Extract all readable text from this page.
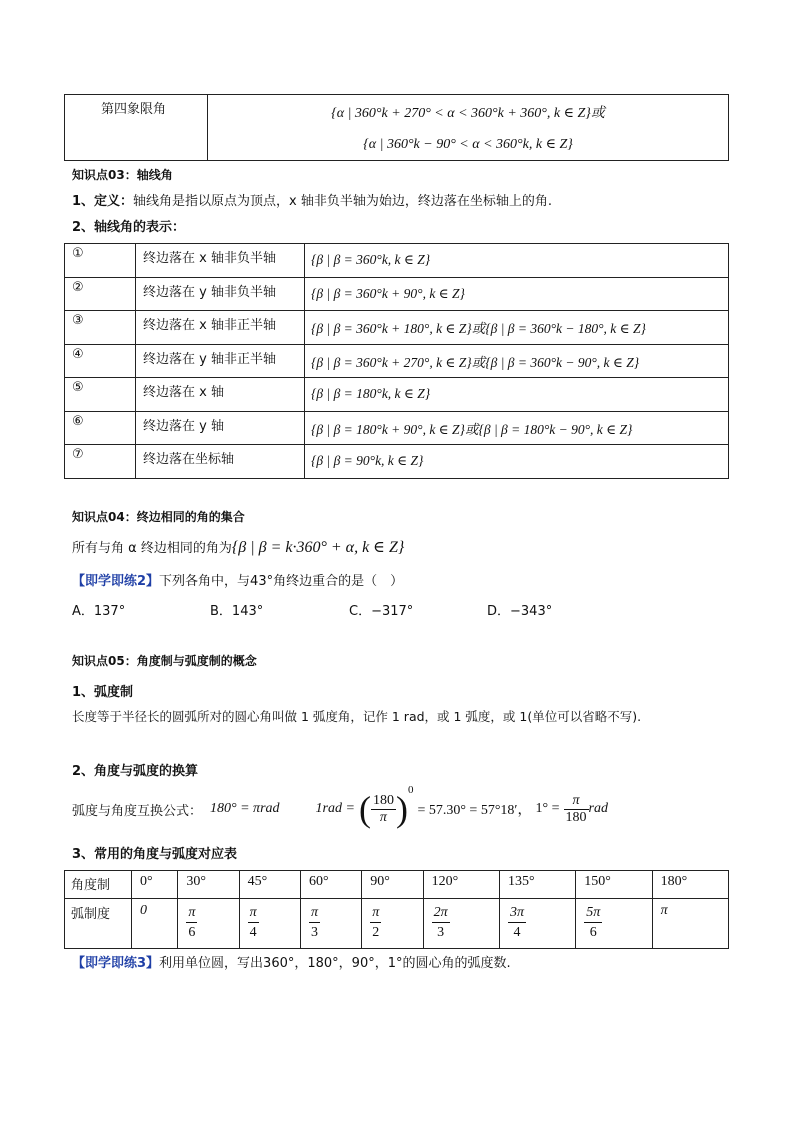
第四象限角	{α | 360°k + 270° < α < 360°k + 360°, k ∈ Z}或
{α | 360°k − 90° < α < 360°k, k ∈ Z}
知识点03：轴线角
1、定义：轴线角是指以原点为顶点，x 轴非负半轴为始边，终边落在坐标轴上的角.
2、轴线角的表示：
①	终边落在 x 轴非负半轴	{β | β = 360°k, k ∈ Z}

②	终边落在 y 轴非负半轴	{β | β = 360°k + 90°, k ∈ Z}

③	终边落在 x 轴非正半轴	{β | β = 360°k + 180°, k ∈ Z}或{β | β = 360°k − 180°, k ∈ Z}

④	终边落在 y 轴非正半轴	{β | β = 360°k + 270°, k ∈ Z}或{β | β = 360°k − 90°, k ∈ Z}

⑤	终边落在 x 轴	{β | β = 180°k, k ∈ Z}

⑥	终边落在 y 轴	{β | β = 180°k + 90°, k ∈ Z}或{β | β = 180°k − 90°, k ∈ Z}

⑦	终边落在坐标轴	{β | β = 90°k, k ∈ Z}
知识点04：终边相同的角的集合
所有与角 α 终边相同的角为{β | β = k·360° + α, k ∈ Z}
【即学即练2】下列各角中，与43°角终边重合的是（　）
A．137°	B．143°	C．−317°	D．−343°
知识点05：角度制与弧度制的概念
1、弧度制
长度等于半径长的圆弧所对的圆心角叫做 1 弧度角，记作 1 rad，或 1 弧度，或 1(单位可以省略不写).
2、角度与弧度的换算
弧度与角度互换公式： 180° = πrad	1rad = ( $\frac{180}{\pi}$ ) 0
= 57.30° = 57°18′， $1^\circ = \frac{\pi}{180}$ rad
3、常用的角度与弧度对应表
角度制	0°	30°	45°	60°	90°	120°	135°	150°	180°

弧制度	0	$\frac{\pi}{6}$	$\frac{\pi}{4}$	$\frac{\pi}{3}$	$\frac{\pi}{2}$	$\frac{2\pi}{3}$	$\frac{3\pi}{4}$	$\frac{5\pi}{6}$	π
【即学即练3】利用单位圆，写出360°，180°，90°，1°的圆心角的弧度数.
